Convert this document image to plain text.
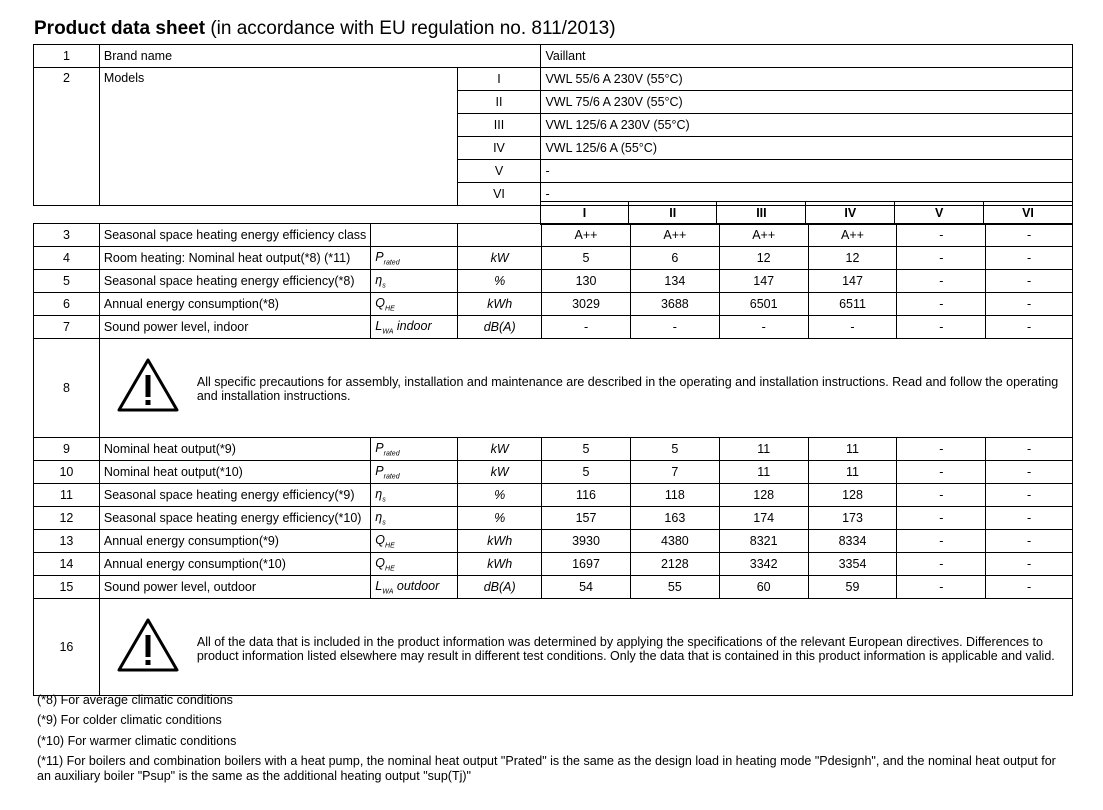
Product data sheet (in accordance with EU regulation no. 811/2013)
1	Brand name		Vaillant
2	Models	I	VWL 55/6 A 230V (55°C)
		II	VWL 75/6 A 230V (55°C)
		III	VWL 125/6 A 230V (55°C)
		IV	VWL 125/6 A (55°C)
		V	-
		VI	-
I	II	III	IV	V	VI
3	Seasonal space heating energy efficiency class			A++	A++	A++	A++	-	-
4	Room heating: Nominal heat output(*8) (*11)	$P_{rated}$	kW	5	6	12	12	-	-
5	Seasonal space heating energy efficiency(*8)	$\eta_s$	%	130	134	147	147	-	-
6	Annual energy consumption(*8)	$Q_{HE}$	kWh	3029	3688	6501	6511	-	-
7	Sound power level, indoor	$L_{WA}$ indoor	dB(A)	-	-	-	-	-	-
8	All specific precautions for assembly, installation and maintenance are described in the operating and installation instructions. Read and follow the operating and installation instructions.								

9	Nominal heat output(*9)	$P_{rated}$	kW	5	5	11	11	-	-
10	Nominal heat output(*10)	$P_{rated}$	kW	5	7	11	11	-	-
11	Seasonal space heating energy efficiency(*9)	$\eta_s$	%	116	118	128	128	-	-
12	Seasonal space heating energy efficiency(*10)	$\eta_s$	%	157	163	174	173	-	-
13	Annual energy consumption(*9)	$Q_{HE}$	kWh	3930	4380	8321	8334	-	-
14	Annual energy consumption(*10)	$Q_{HE}$	kWh	1697	2128	3342	3354	-	-
15	Sound power level, outdoor	$L_{WA}$ outdoor	dB(A)	54	55	60	59	-	-
16	All of the data that is included in the product information was determined by applying the specifications of the relevant European directives. Differences to product information listed elsewhere may result in different test conditions. Only the data that is contained in this product information is applicable and valid.								
(*8) For average climatic conditions
(*9) For colder climatic conditions
(*10) For warmer climatic conditions
(*11) For boilers and combination boilers with a heat pump, the nominal heat output "Prated" is the same as the design load in heating mode "Pdesignh", and the nominal heat output for an auxiliary boiler "Psup" is the same as the additional heating output "sup(Tj)"
